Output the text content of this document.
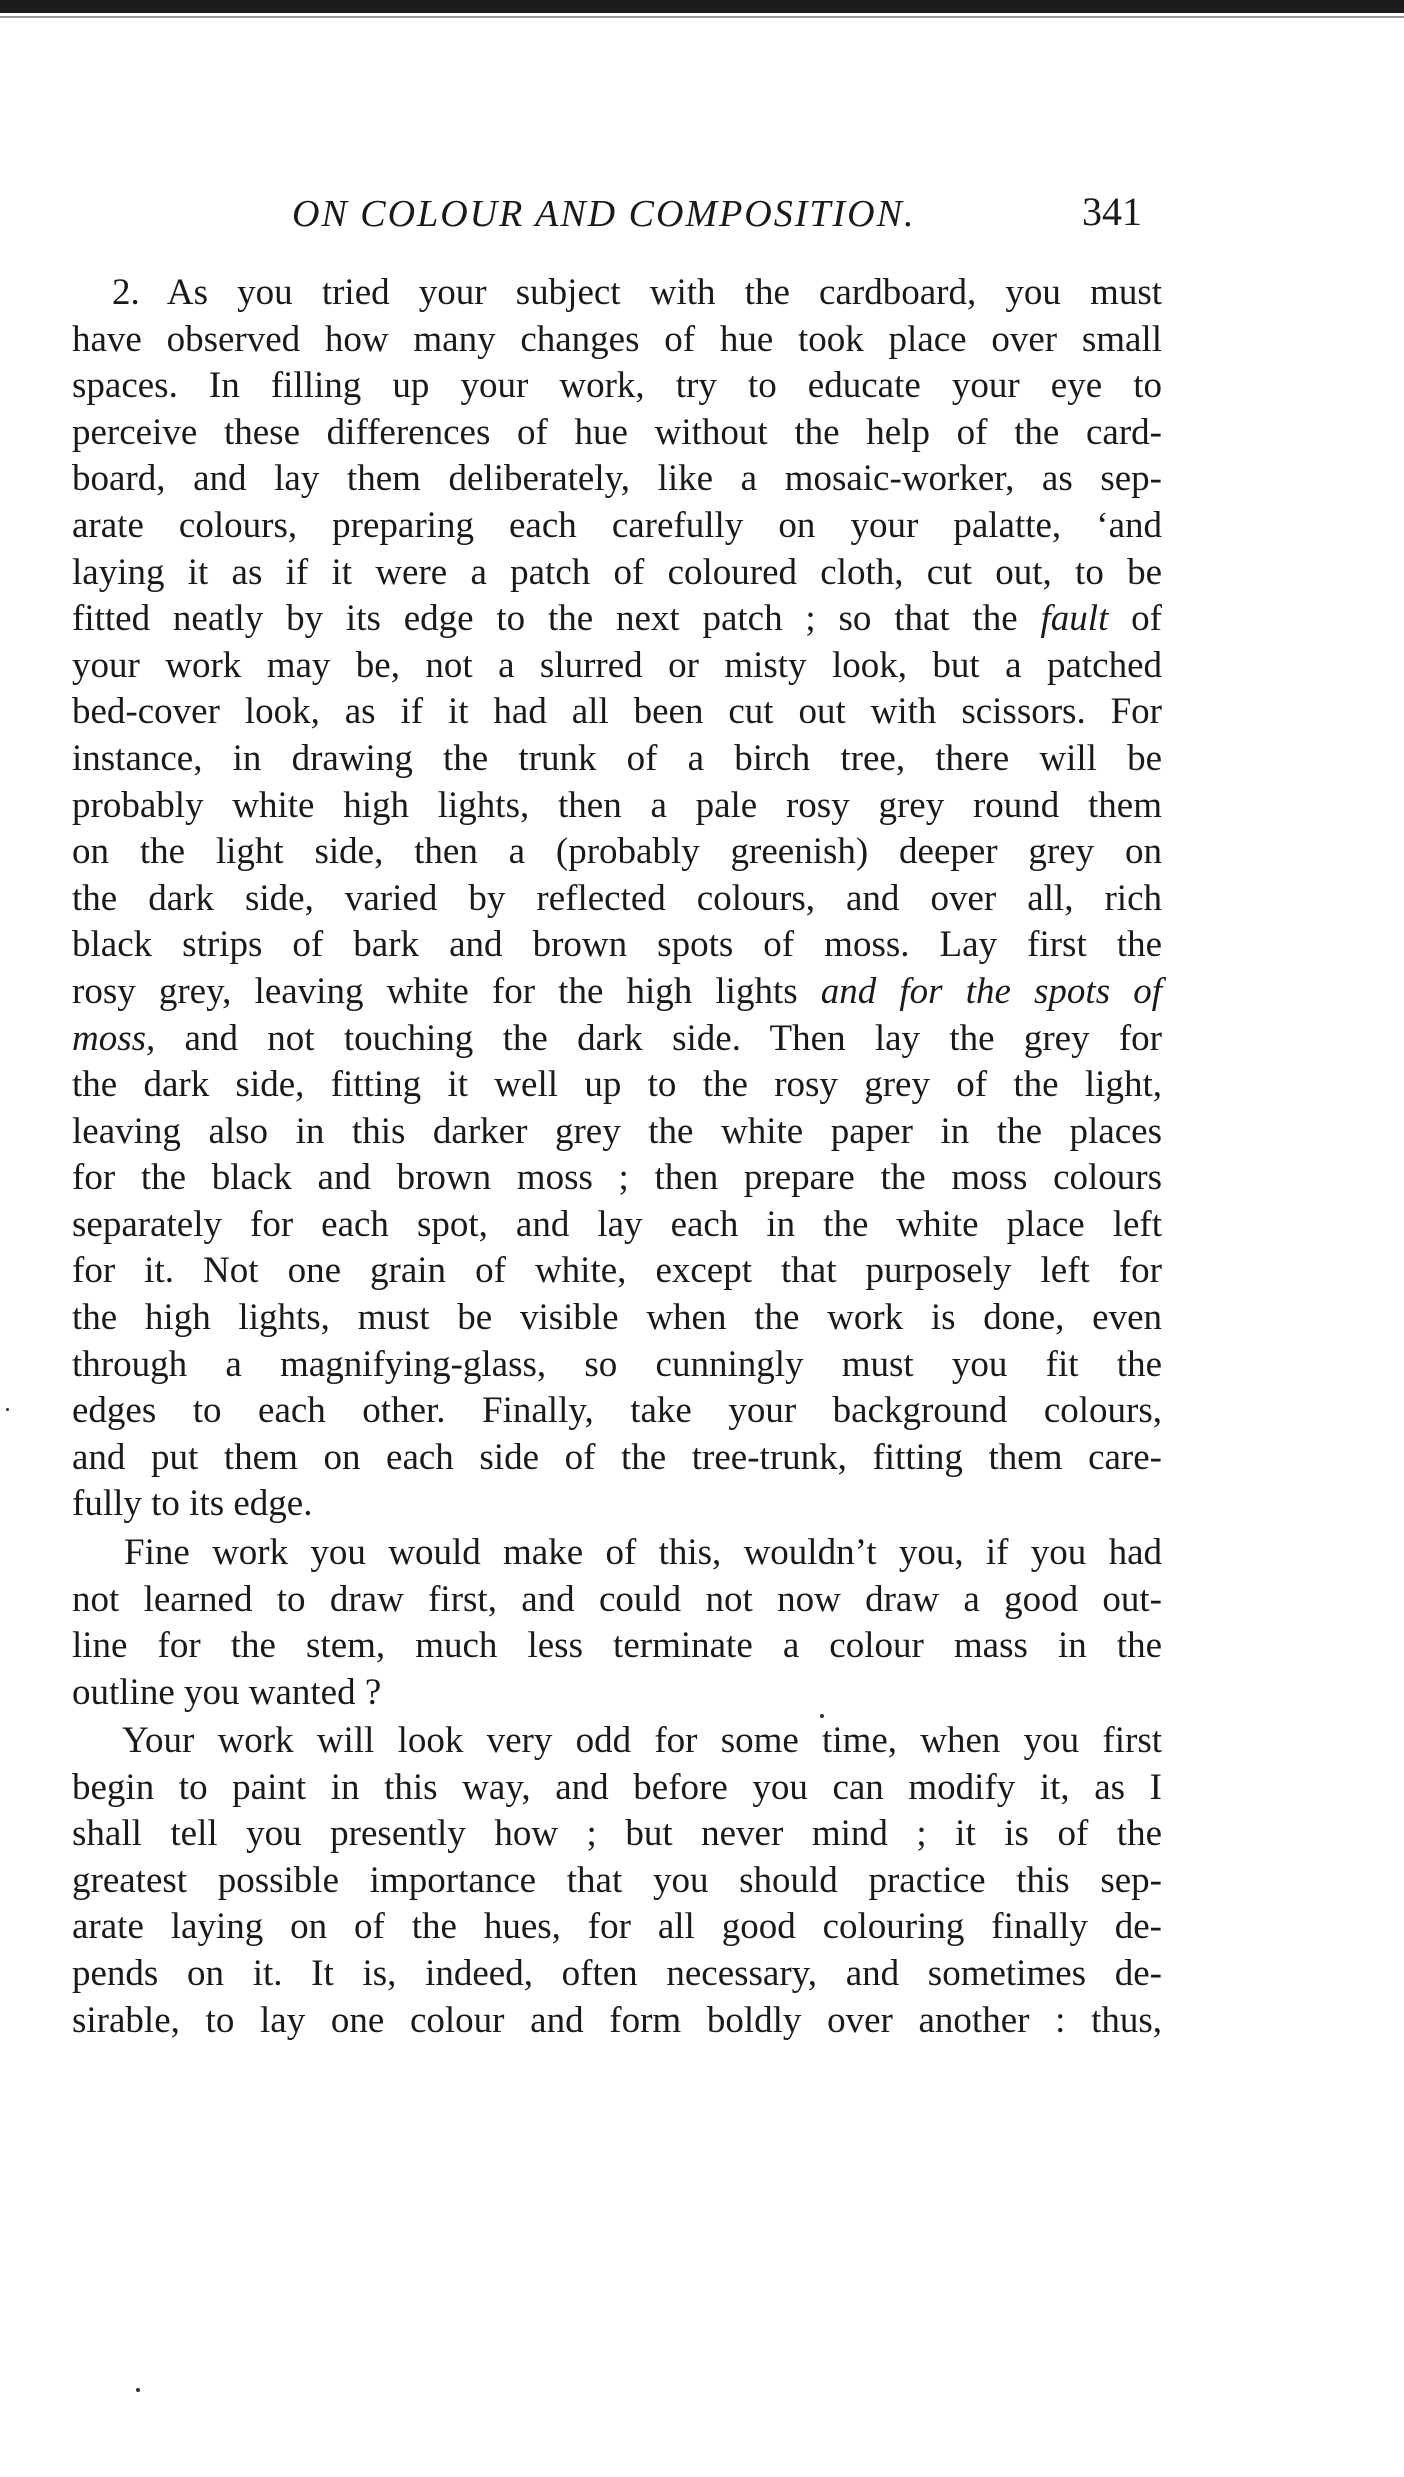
ON COLOUR AND COMPOSITION.	341
2. As you tried your subject with the cardboard, you must
have observed how many changes of hue took place over small
spaces. In filling up your work, try to educate your eye to
perceive these differences of hue without the help of the card-
board, and lay them deliberately, like a mosaic-worker, as sep-
arate colours, preparing each carefully on your palatte, ‘and
laying it as if it were a patch of coloured cloth, cut out, to be
fitted neatly by its edge to the next patch ; so that the fault of
your work may be, not a slurred or misty look, but a patched
bed-cover look, as if it had all been cut out with scissors. For
instance, in drawing the trunk of a birch tree, there will be
probably white high lights, then a pale rosy grey round them
on the light side, then a (probably greenish) deeper grey on
the dark side, varied by reflected colours, and over all, rich
black strips of bark and brown spots of moss. Lay first the
rosy grey, leaving white for the high lights and for the spots of
moss, and not touching the dark side. Then lay the grey for
the dark side, fitting it well up to the rosy grey of the light,
leaving also in this darker grey the white paper in the places
for the black and brown moss ; then prepare the moss colours
separately for each spot, and lay each in the white place left
for it. Not one grain of white, except that purposely left for
the high lights, must be visible when the work is done, even
through a magnifying-glass, so cunningly must you fit the
edges to each other. Finally, take your background colours,
and put them on each side of the tree-trunk, fitting them care-
fully to its edge.
Fine work you would make of this, wouldn’t you, if you had
not learned to draw first, and could not now draw a good out-
line for the stem, much less terminate a colour mass in the
outline you wanted ?
Your work will look very odd for some time, when you first
begin to paint in this way, and before you can modify it, as I
shall tell you presently how ; but never mind ; it is of the
greatest possible importance that you should practice this sep-
arate laying on of the hues, for all good colouring finally de-
pends on it. It is, indeed, often necessary, and sometimes de-
sirable, to lay one colour and form boldly over another : thus,
